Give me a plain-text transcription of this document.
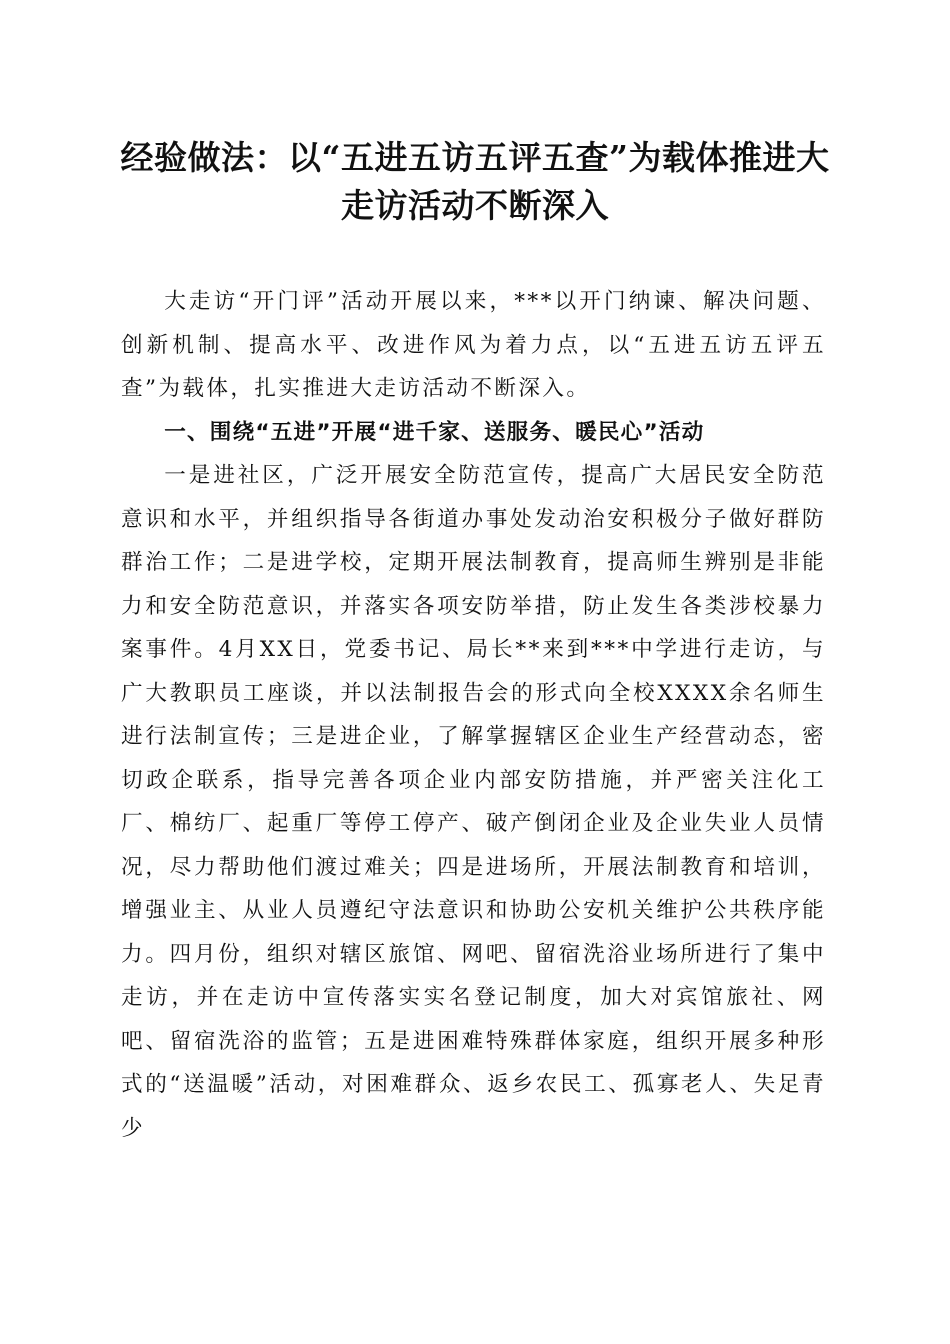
经验做法：以“五进五访五评五查”为载体推进大走访活动不断深入

大走访“开门评”活动开展以来，***以开门纳谏、解决问题、创新机制、提高水平、改进作风为着力点，以“五进五访五评五查”为载体，扎实推进大走访活动不断深入。

一、围绕“五进”开展“进千家、送服务、暖民心”活动

一是进社区，广泛开展安全防范宣传，提高广大居民安全防范意识和水平，并组织指导各街道办事处发动治安积极分子做好群防群治工作；二是进学校，定期开展法制教育，提高师生辨别是非能力和安全防范意识，并落实各项安防举措，防止发生各类涉校暴力案事件。4月XX日，党委书记、局长**来到***中学进行走访，与广大教职员工座谈，并以法制报告会的形式向全校XXXX余名师生进行法制宣传；三是进企业，了解掌握辖区企业生产经营动态，密切政企联系，指导完善各项企业内部安防措施，并严密关注化工厂、棉纺厂、起重厂等停工停产、破产倒闭企业及企业失业人员情况，尽力帮助他们渡过难关；四是进场所，开展法制教育和培训，增强业主、从业人员遵纪守法意识和协助公安机关维护公共秩序能力。四月份，组织对辖区旅馆、网吧、留宿洗浴业场所进行了集中走访，并在走访中宣传落实实名登记制度，加大对宾馆旅社、网吧、留宿洗浴的监管；五是进困难特殊群体家庭，组织开展多种形式的“送温暖”活动，对困难群众、返乡农民工、孤寡老人、失足青少
